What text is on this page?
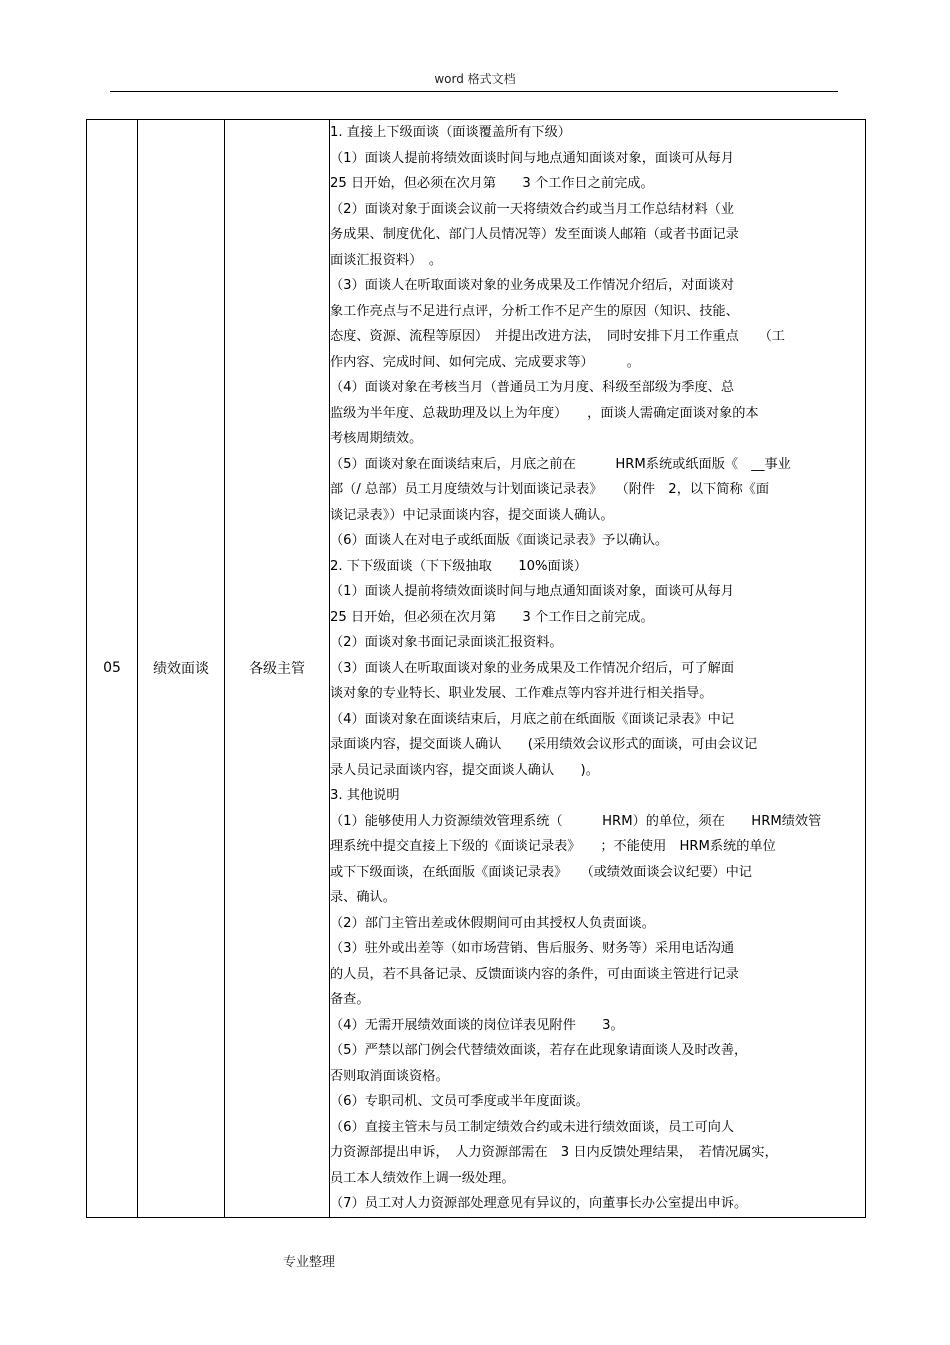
word 格式文档
05	绩效面谈	各级主管	
1. 直接上下级面谈（面谈覆盖所有下级）
（1）面谈人提前将绩效面谈时间与地点通知面谈对象，面谈可从每月
25 日开始，但必须在次月第　　3 个工作日之前完成。
（2）面谈对象于面谈会议前一天将绩效合约或当月工作总结材料（业
务成果、制度优化、部门人员情况等）发至面谈人邮箱（或者书面记录
面谈汇报资料）　。
（3）面谈人在听取面谈对象的业务成果及工作情况介绍后，对面谈对
象工作亮点与不足进行点评，分析工作不足产生的原因（知识、技能、
态度、资源、流程等原因）　并提出改进方法，　同时安排下月工作重点　　（工
作内容、完成时间、如何完成、完成要求等）　　　。
（4）面谈对象在考核当月（普通员工为月度、科级至部级为季度、总
监级为半年度、总裁助理及以上为年度）　　，面谈人需确定面谈对象的本
考核周期绩效。
（5）面谈对象在面谈结束后，月底之前在　　　HRM系统或纸面版《　__事业
部（/ 总部）员工月度绩效与计划面谈记录表》　　（附件　2，以下简称《面
谈记录表》）中记录面谈内容，提交面谈人确认。
（6）面谈人在对电子或纸面版《面谈记录表》予以确认。
2. 下下级面谈（下下级抽取　　10%面谈）
（1）面谈人提前将绩效面谈时间与地点通知面谈对象，面谈可从每月
25 日开始，但必须在次月第　　3 个工作日之前完成。
（2）面谈对象书面记录面谈汇报资料。
（3）面谈人在听取面谈对象的业务成果及工作情况介绍后，可了解面
谈对象的专业特长、职业发展、工作难点等内容并进行相关指导。
（4）面谈对象在面谈结束后，月底之前在纸面版《面谈记录表》中记
录面谈内容，提交面谈人确认　　(采用绩效会议形式的面谈，可由会议记
录人员记录面谈内容，提交面谈人确认　　)。
3. 其他说明
（1）能够使用人力资源绩效管理系统（　　　HRM）的单位，须在　　HRM绩效管
理系统中提交直接上下级的《面谈记录表》　　；不能使用　HRM系统的单位
或下下级面谈，在纸面版《面谈记录表》　　（或绩效面谈会议纪要）中记
录、确认。
（2）部门主管出差或休假期间可由其授权人负责面谈。
（3）驻外或出差等（如市场营销、售后服务、财务等）采用电话沟通
的人员，若不具备记录、反馈面谈内容的条件，可由面谈主管进行记录
备查。
（4）无需开展绩效面谈的岗位详表见附件　　3。
（5）严禁以部门例会代替绩效面谈，若存在此现象请面谈人及时改善，
否则取消面谈资格。
（6）专职司机、文员可季度或半年度面谈。
（6）直接主管未与员工制定绩效合约或未进行绩效面谈，员工可向人
力资源部提出申诉，　人力资源部需在　3 日内反馈处理结果，　若情况属实，
员工本人绩效作上调一级处理。
（7）员工对人力资源部处理意见有异议的，向董事长办公室提出申诉。
专业整理
